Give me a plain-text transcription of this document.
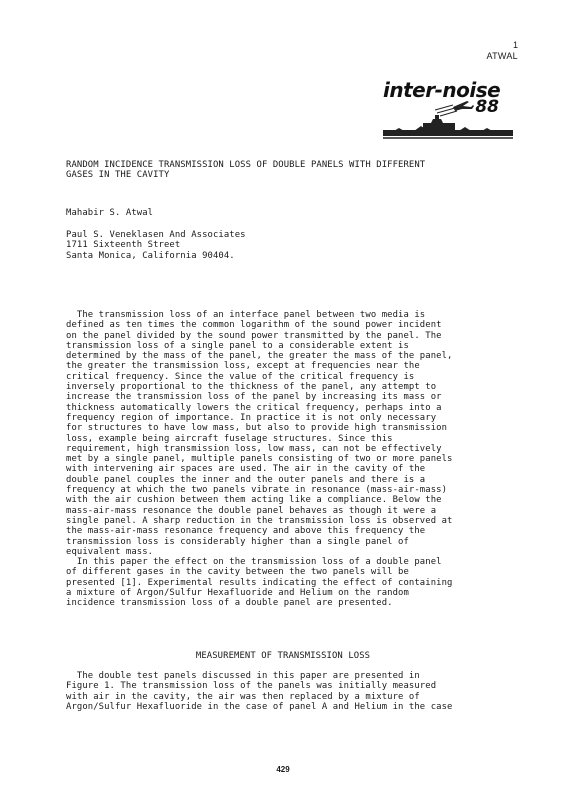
1
ATWAL
inter-noise
88
RANDOM INCIDENCE TRANSMISSION LOSS OF DOUBLE PANELS WITH DIFFERENT
GASES IN THE CAVITY
Mahabir S. Atwal
Paul S. Veneklasen And Associates
1711 Sixteenth Street
Santa Monica, California 90404.
The transmission loss of an interface panel between two media is
defined as ten times the common logarithm of the sound power incident
on the panel divided by the sound power transmitted by the panel. The
transmission loss of a single panel to a considerable extent is
determined by the mass of the panel, the greater the mass of the panel,
the greater the transmission loss, except at frequencies near the
critical frequency. Since the value of the critical frequency is
inversely proportional to the thickness of the panel, any attempt to
increase the transmission loss of the panel by increasing its mass or
thickness automatically lowers the critical frequency, perhaps into a
frequency region of importance. In practice it is not only necessary
for structures to have low mass, but also to provide high transmission
loss, example being aircraft fuselage structures. Since this
requirement, high transmission loss, low mass, can not be effectively
met by a single panel, multiple panels consisting of two or more panels
with intervening air spaces are used. The air in the cavity of the
double panel couples the inner and the outer panels and there is a
frequency at which the two panels vibrate in resonance (mass-air-mass)
with the air cushion between them acting like a compliance. Below the
mass-air-mass resonance the double panel behaves as though it were a
single panel. A sharp reduction in the transmission loss is observed at
the mass-air-mass resonance frequency and above this frequency the
transmission loss is considerably higher than a single panel of
equivalent mass.
In this paper the effect on the transmission loss of a double panel
of different gases in the cavity between the two panels will be
presented [1]. Experimental results indicating the effect of containing
a mixture of Argon/Sulfur Hexafluoride and Helium on the random
incidence transmission loss of a double panel are presented.
MEASUREMENT OF TRANSMISSION LOSS
The double test panels discussed in this paper are presented in
Figure 1. The transmission loss of the panels was initially measured
with air in the cavity, the air was then replaced by a mixture of
Argon/Sulfur Hexafluoride in the case of panel A and Helium in the case
429
